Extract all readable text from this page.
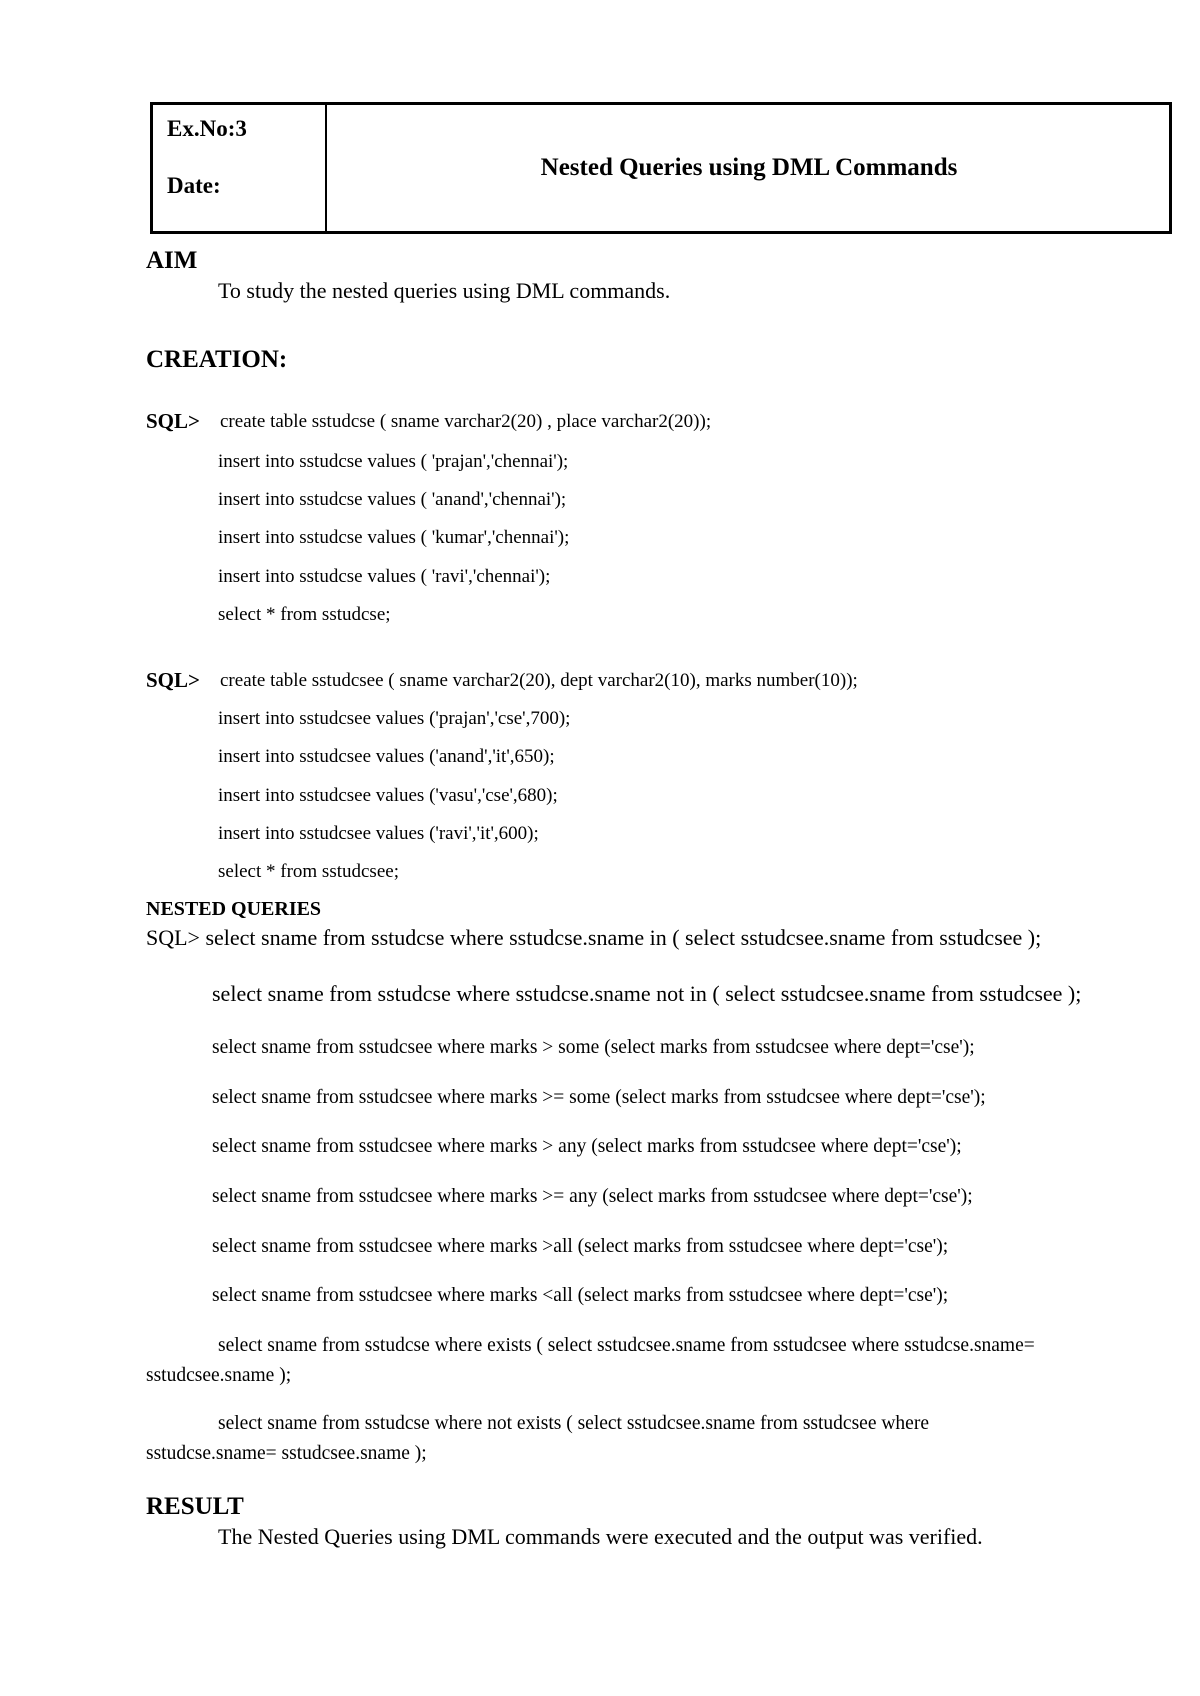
Ex.No:3
Date:
Nested Queries using DML Commands
AIM
To study the nested queries using DML commands.
CREATION:
SQL> create table sstudcse ( sname varchar2(20) , place varchar2(20));
insert into sstudcse values ( 'prajan','chennai');
insert into sstudcse values ( 'anand','chennai');
insert into sstudcse values ( 'kumar','chennai');
insert into sstudcse values ( 'ravi','chennai');
select * from sstudcse;
SQL> create table sstudcsee ( sname varchar2(20), dept varchar2(10), marks number(10));
insert into sstudcsee values ('prajan','cse',700);
insert into sstudcsee values ('anand','it',650);
insert into sstudcsee values ('vasu','cse',680);
insert into sstudcsee values ('ravi','it',600);
select * from sstudcsee;
NESTED QUERIES
SQL> select sname from sstudcse where sstudcse.sname in ( select sstudcsee.sname from sstudcsee );
select sname from sstudcse where sstudcse.sname not in ( select sstudcsee.sname from sstudcsee );
select sname from sstudcsee where marks > some (select marks from sstudcsee where dept='cse');
select sname from sstudcsee where marks >= some (select marks from sstudcsee where dept='cse');
select sname from sstudcsee where marks > any (select marks from sstudcsee where dept='cse');
select sname from sstudcsee where marks >= any (select marks from sstudcsee where dept='cse');
select sname from sstudcsee where marks >all (select marks from sstudcsee where dept='cse');
select sname from sstudcsee where marks <all (select marks from sstudcsee where dept='cse');
select sname from sstudcse where exists ( select sstudcsee.sname from sstudcsee where sstudcse.sname=
sstudcsee.sname );
select sname from sstudcse where not exists ( select sstudcsee.sname from sstudcsee where
sstudcse.sname= sstudcsee.sname );
RESULT
The Nested Queries using DML commands were executed and the output was verified.
